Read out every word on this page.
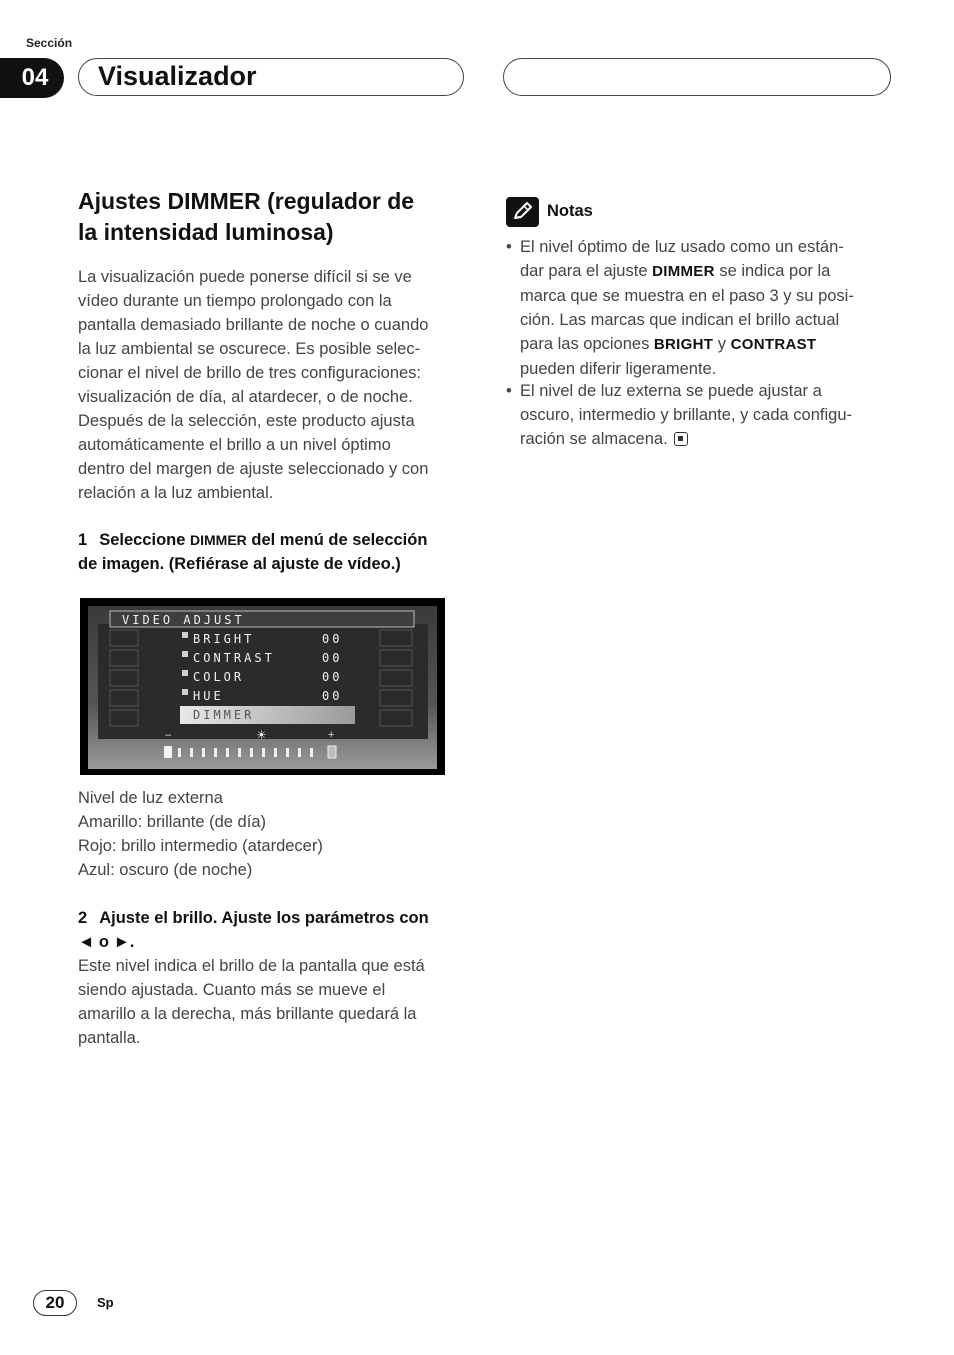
Sección
04	Visualizador
Ajustes DIMMER (regulador de
la intensidad luminosa)
La visualización puede ponerse difícil si se ve
vídeo durante un tiempo prolongado con la
pantalla demasiado brillante de noche o cuando
la luz ambiental se oscurece. Es posible selec-
cionar el nivel de brillo de tres configuraciones:
visualización de día, al atardecer, o de noche.
Después de la selección, este producto ajusta
automáticamente el brillo a un nivel óptimo
dentro del margen de ajuste seleccionado y con
relación a la luz ambiental.
1 Seleccione DIMMER del menú de selección
de imagen. (Refiérase al ajuste de vídeo.)
VIDEO ADJUST
BRIGHT	00
CONTRAST	00
COLOR	00
HUE	00
DIMMER
–	☀	+
Nivel de luz externa
Amarillo: brillante (de día)
Rojo: brillo intermedio (atardecer)
Azul: oscuro (de noche)
2 Ajuste el brillo. Ajuste los parámetros con
◄ o ►.
Este nivel indica el brillo de la pantalla que está
siendo ajustada. Cuanto más se mueve el
amarillo a la derecha, más brillante quedará la
pantalla.
Notas
• El nivel óptimo de luz usado como un están-
dar para el ajuste DIMMER se indica por la
marca que se muestra en el paso 3 y su posi-
ción. Las marcas que indican el brillo actual
para las opciones BRIGHT y CONTRAST
pueden diferir ligeramente.
• El nivel de luz externa se puede ajustar a
oscuro, intermedio y brillante, y cada configu-
ración se almacena.
20	Sp
